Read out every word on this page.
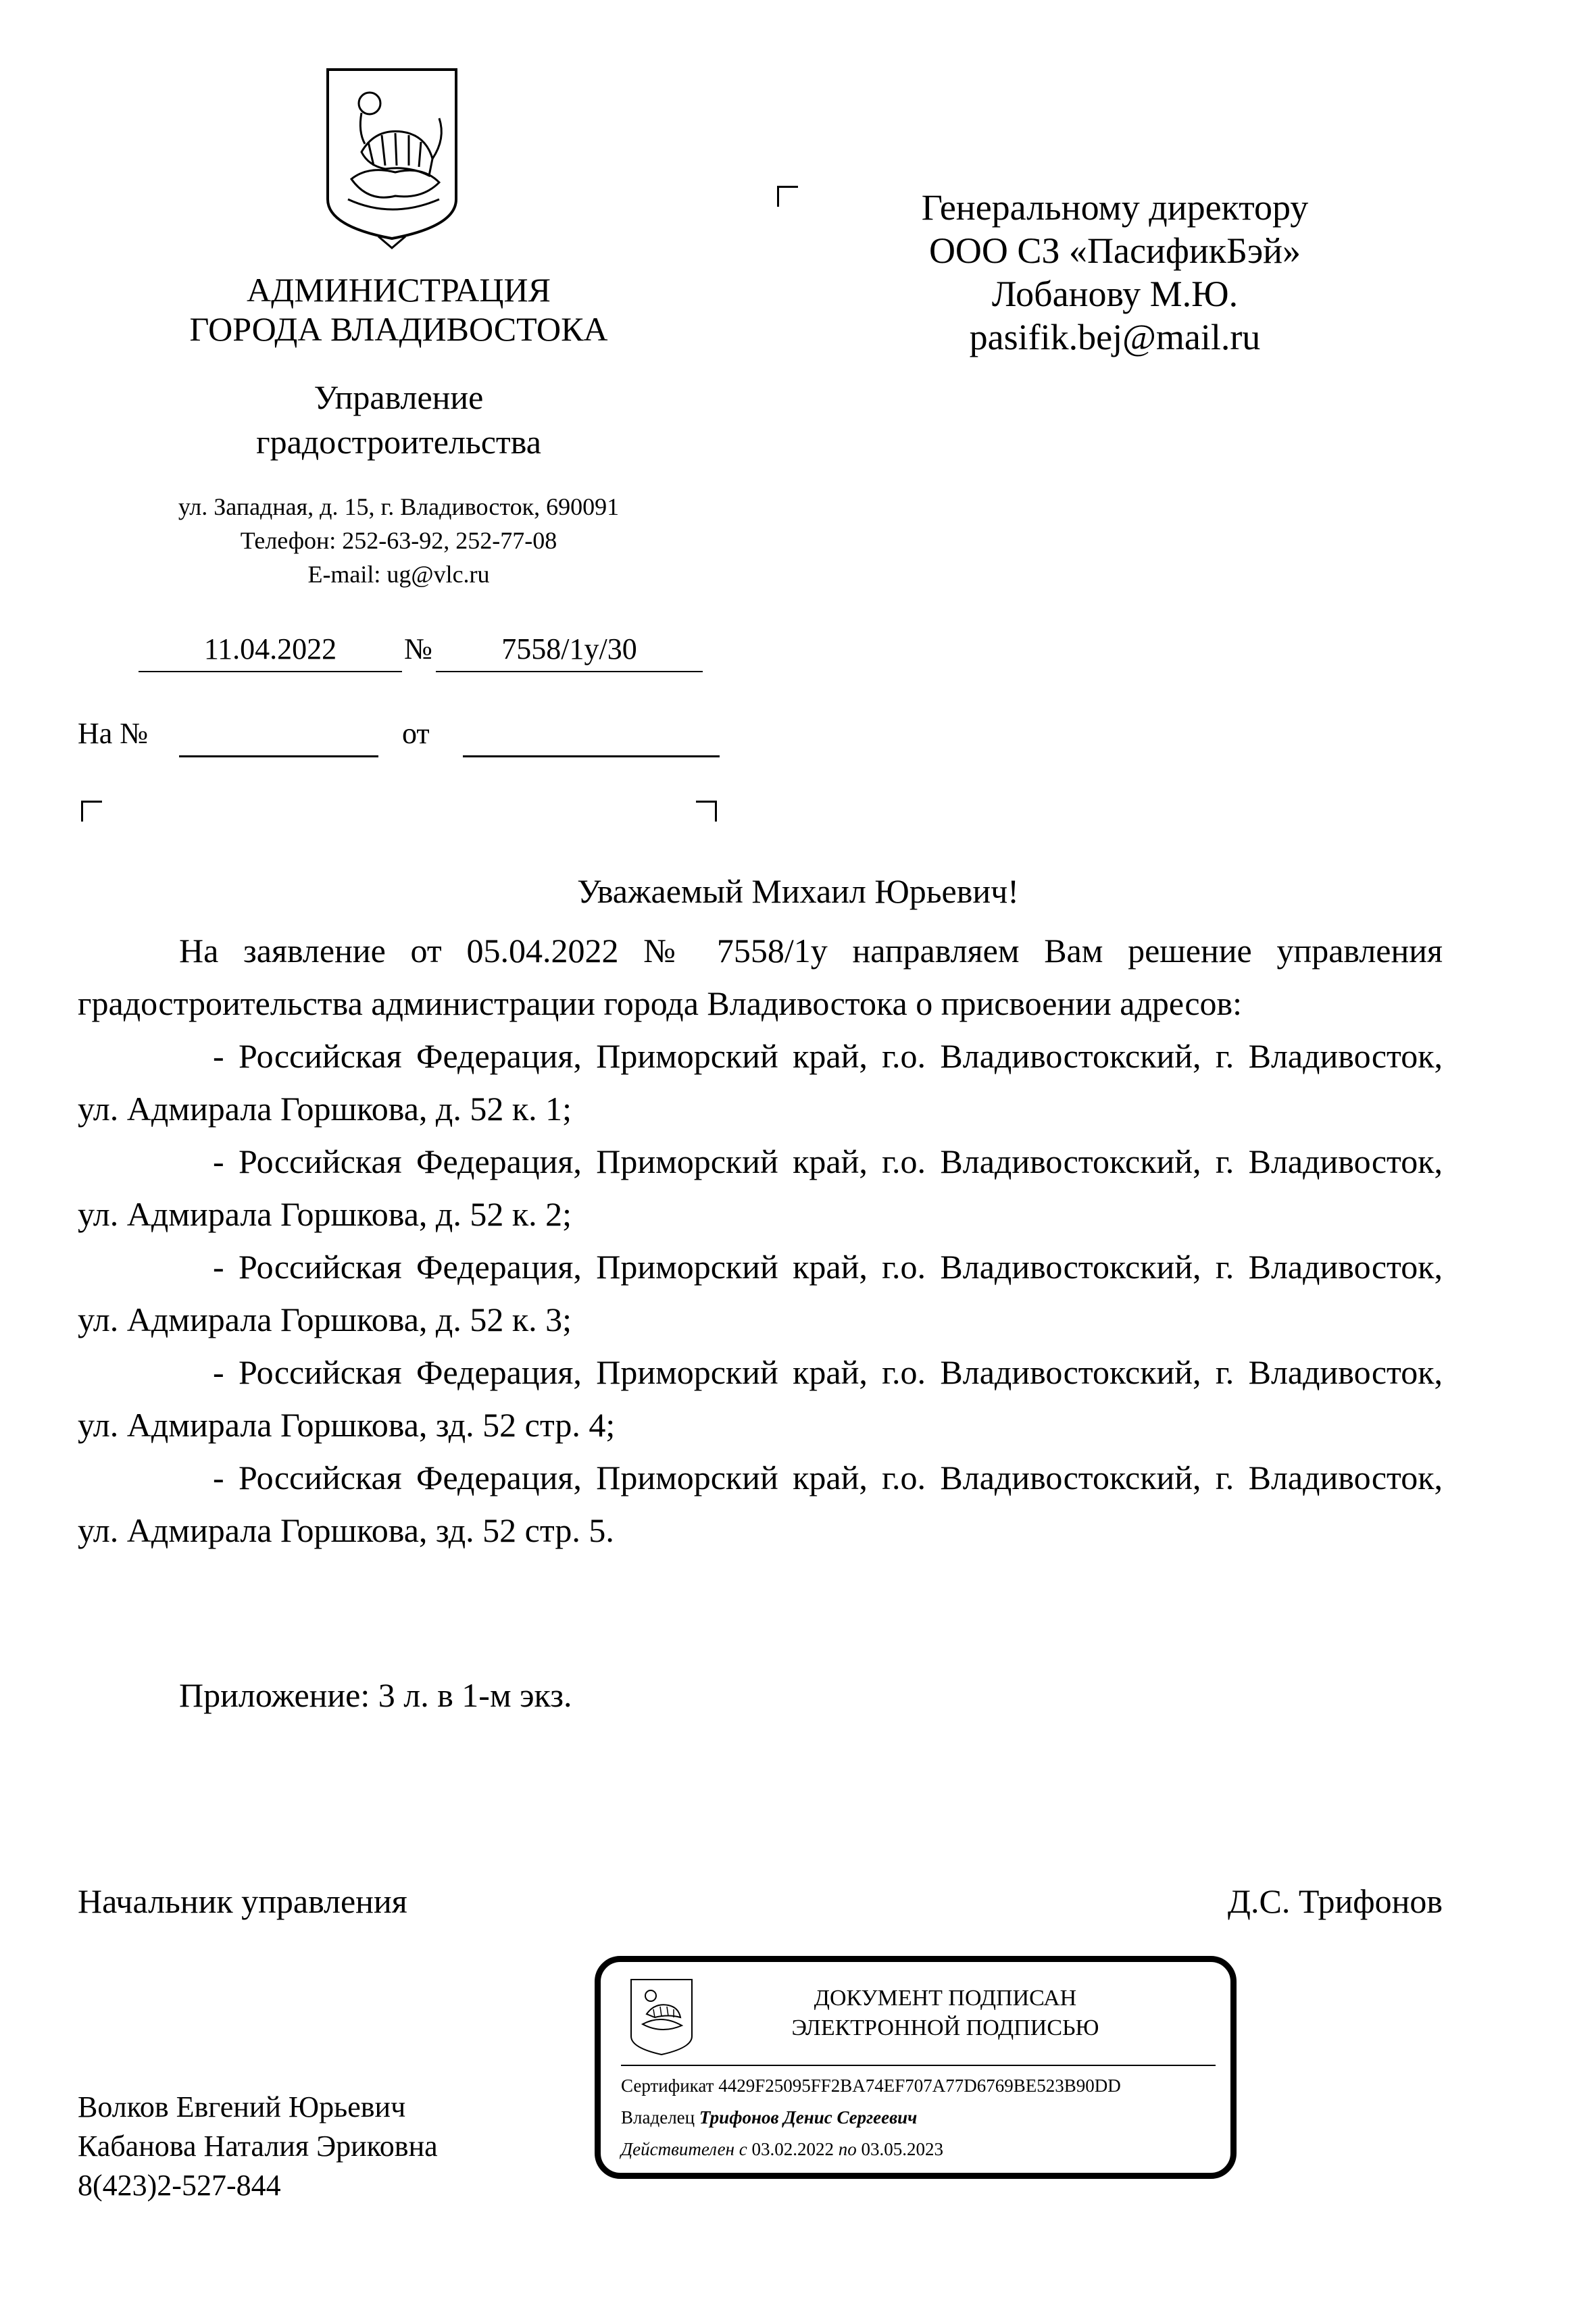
АДМИНИСТРАЦИЯ
ГОРОДА ВЛАДИВОСТОКА
Управление
градостроительства
ул. Западная, д. 15, г. Владивосток, 690091
Телефон: 252-63-92, 252-77-08
E-mail: ug@vlc.ru
11.04.2022	№	7558/1у/30
На №	от
Генеральному директору
ООО СЗ «ПасификБэй»
Лобанову М.Ю.
pasifik.bej@mail.ru
Уважаемый Михаил Юрьевич!

На заявление от 05.04.2022 № 7558/1у направляем Вам решение управления градостроительства администрации города Владивостока о присвоении адресов:

- Российская Федерация, Приморский край, г.о. Владивостокский, г. Владивосток, ул. Адмирала Горшкова, д. 52 к. 1;

- Российская Федерация, Приморский край, г.о. Владивостокский, г. Владивосток, ул. Адмирала Горшкова, д. 52 к. 2;

- Российская Федерация, Приморский край, г.о. Владивостокский, г. Владивосток, ул. Адмирала Горшкова, д. 52 к. 3;

- Российская Федерация, Приморский край, г.о. Владивостокский, г. Владивосток, ул. Адмирала Горшкова, зд. 52 стр. 4;

- Российская Федерация, Приморский край, г.о. Владивостокский, г. Владивосток, ул. Адмирала Горшкова, зд. 52 стр. 5.

Приложение: 3 л. в 1-м экз.
Начальник управления	Д.С. Трифонов
ДОКУМЕНТ ПОДПИСАН
ЭЛЕКТРОННОЙ ПОДПИСЬЮ
Сертификат 4429F25095FF2BA74EF707A77D6769BE523B90DD
Владелец Трифонов Денис Сергеевич
Действителен с 03.02.2022 по 03.05.2023
Волков Евгений Юрьевич
Кабанова Наталия Эриковна
8(423)2-527-844
